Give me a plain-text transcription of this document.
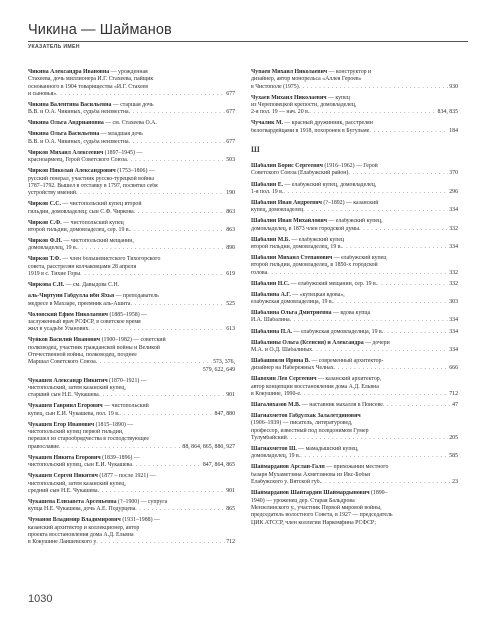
Чикина — Шайманов
УКАЗАТЕЛЬ ИМЕН
Чикина Александра Ивановна — урожденная
Стахеева, дочь миллионера И.Г. Стахеева, пайщик
основанного в 1904 товарищества «И.Г. Стахеев
и сыновья» . . .	677
Чикина Валентина Васильевна — старшая дочь
В.В. и О.А. Чикиных, судьба неизвестна . . .	677
Чикина Ольга Андриановна — см. Стахеева О.А.
Чикина Ольга Васильевна — младшая дочь
В.В. и О.А. Чикиных, судьба неизвестна . . .	677
Чирков Михаил Алексеевич (1897–1945) —
красноармеец, Герой Советского Союза . . .	503
Чирков Николай Александрович (1753–1806) —
русский генерал, участник русско-турецкой войны
1787–1792. Вышел в отставку в 1797, посвятил себя
устройству имений . . .	190
Чирков С.С. — чистопольский купец второй
гильдии, домовладелец; сын С.Ф. Чиркова . . .	863
Чирков С.Ф. — чистопольский купец
второй гильдии, домовладелец, сер. 19 в. . . .	863
Чирков Ф.Н. — чистопольский мещанин,
домовладелец, 19 в. . . .	890
Чирков Т.Ф. — член большевистского Тихогорского
совета, расстрелян колчаковцами 28 апреля
1919 в с. Тихие Горы . . .	619
Чиркова С.Н. — см. Давыдова С.Н.
аль-Чиртуни Габдулла ибн Яхья — преподаватель
медресе в Махзаре, преемник аль-Ашита . . .	525
Чоловский Ефим Николаевич (1885–1958) —
заслуженный врач РСФСР, в советское время
жил в усадьбе Уланових . . .	613
Чуйков Василий Иванович (1900–1982) — советский
полководец, участник гражданской войны и Великой
Отечественной войны, полководец, позднее
Маршал Советского Союза . . .	573, 376,
579, 622, 649
Чукашев Александр Никитич (1870–1921) —
чистопольский, затем казанский купец,
старший сын Н.Е. Чукашева . . .	901
Чукашев Гавриил Егорович — чистопольский
купец, сын Е.И. Чукашева, пол. 19 в. . . .	847, 880
Чукашев Егор Иванович (1815–1890) —
чистопольский купец первой гильдии,
перешел из старообрядчества в господствующее
православие . . .	88, 864, 865, 880, 927
Чукашев Никита Егорович (1839–1896) —
чистопольский купец, сын Е.И. Чукашева . . .	847, 864, 865
Чукашев Сергей Никитич (1877 – после 1921) —
чистопольский, затем казанский купец,
средний сын Н.Е. Чукашева . . .	901
Чукашева Елизавета Арсеньевна (?–1900) — супруга
купца Н.Е. Чукашева, дочь А.Е. Подурцева . . .	865
Чуманов Владимир Владимирович (1931–1988) —
казанский архитектор и коллекционер, автор
проекта восстановления дома А.Д. Ельвна
в Кокушине Лаишевского у . . .	712
Чупаев Михаил Николаевич — конструктор и
дизайнер, автор монорельса «Аллея Героев»
в Чистополе (1975) . . .	930
Чухаев Михаил Николаевич — купец
из Череповецкой крепости, домовладелец,
2-я пол. 19 — нач. 20 в. . . .	834, 835
Чучалик М. — красный дружинник, расстрелян
белогвардейцами в 1918, похоронен в Бугульме . . .	184
Ш
Шабалин Борис Сергеевич (1916–1962) — Герой
Советского Союза (Елабужский район) . . .	370
Шабалин Е. — елабужский купец, домовладелец,
1-я пол. 19 в. . . .	296
Шабалин Иван Андреевич (?–1892) — казанский
купец, домовладелец . . .	334
Шабалин Иван Михайлович — елабужский купец,
домовладелец, в 1873 член городской думы . . .	332
Шабалин М.Б. — елабужский купец
второй гильдии, домовладелец, 19 в. . . .	334
Шабалин Михаил Степанович — елабужский купец
второй гильдии, домовладелец, в 1850-х городской
голова . . .	332
Шабалин Н.С. — елабужский мещанин, сер. 19 в. . . .	332
Шабалина А.Г. — «купецкая вдова»,
елабужская домовладелица, 19 в. . . .	303
Шабалина Ольга Дмитриевна — вдова купца
И.А. Шабалина . . .	334
Шабалина П.А. — елабужская домовладелица, 19 в. . . .	334
Шабалины Ольга (Ксенсия) и Александра — дочери
М.А. и О.Д. Шабалиных . . .	334
Шабашвили Ирина В. — современный архитектор-
дизайнер на Набережных Челнах . . .	666
Шавохин Лев Сергеевич — казанский архитектор,
автор концепции восстановления дома А.Д. Ельвна
в Кокушине, 1990-е . . .	712
Шагалихазов М.В. — наставник махалля в Поисеве . . .	47
Шагиахметов Габдулхак Залалетдинович
(1906–1939) — писатель, литературовед,
профессор, известный под псевдонимом Гумер
Тулумбайский . . .	205
Шагиахметов Ш. — мамадышский купец,
домовладелец, 19 в. . . .	585
Шаймарданов Арслан-Галп — прихожанин местного
базаря Мухаметзяна Ахметзянова из Икс-Бобьи
Елабужского у. Вятской губ. . . .	23
Шаймарданов Шайтардин Шаймардынович (1890–
1940) — уроженец дер. Старая Бальдрова
Мензелинского у., участник Первой мировой войны,
председатель волостного Совета, в 1927 — председатель
ЦИК АТССР, член коллегии Наркомфина РСФСР;
1030
